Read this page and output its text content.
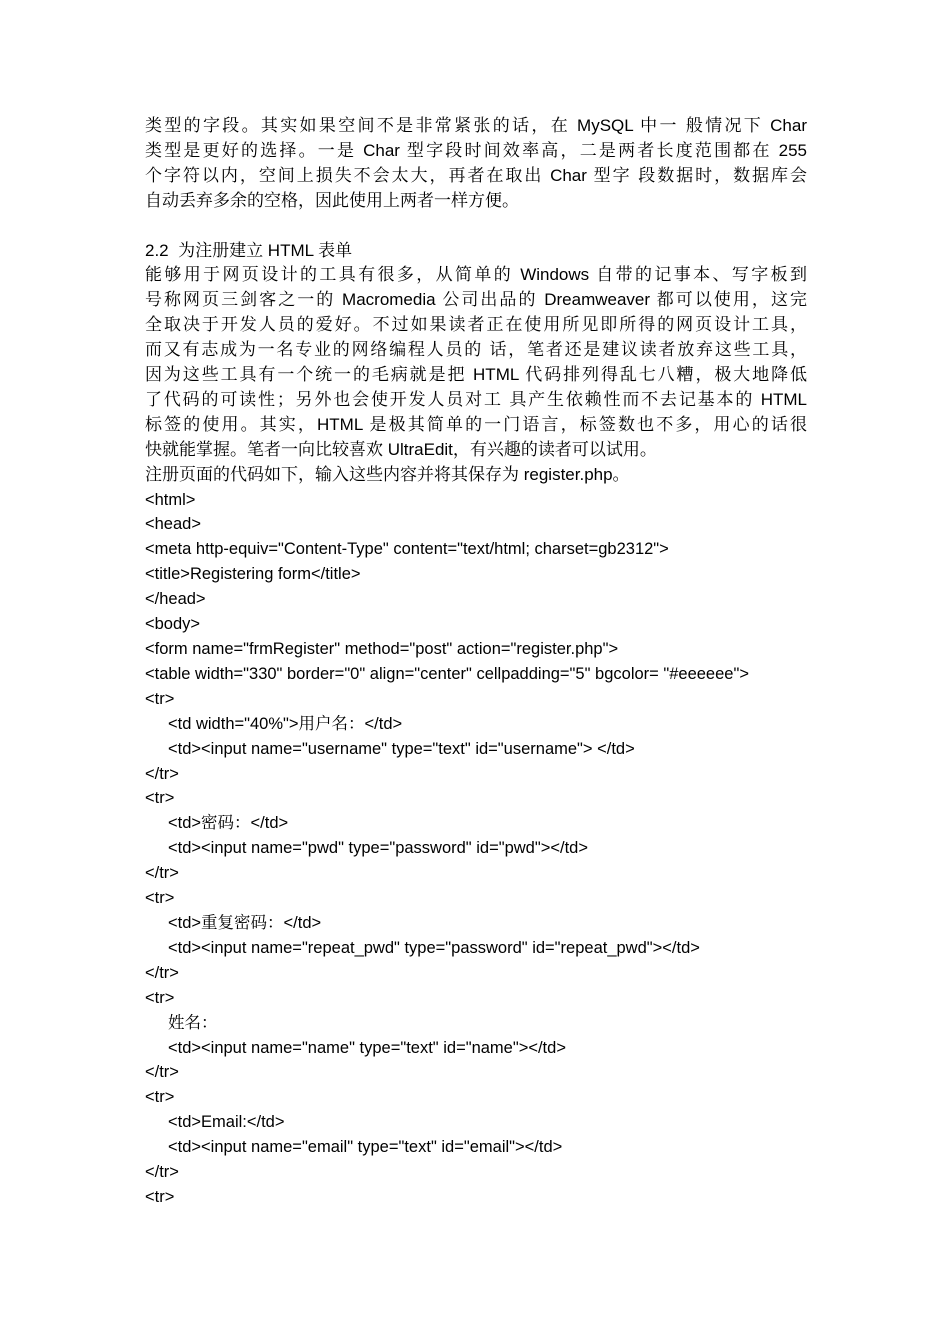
类型的字段。其实如果空间不是非常紧张的话，在 MySQL 中一 般情况下 Char
类型是更好的选择。一是 Char 型字段时间效率高，二是两者长度范围都在 255
个字符以内，空间上损失不会太大，再者在取出 Char 型字 段数据时，数据库会
自动丢弃多余的空格，因此使用上两者一样方便。

2.2  为注册建立 HTML 表单

能够用于网页设计的工具有很多，从简单的 Windows 自带的记事本、写字板到
号称网页三剑客之一的 Macromedia 公司出品的 Dreamweaver 都可以使用，这完
全取决于开发人员的爱好。不过如果读者正在使用所见即所得的网页设计工具，
而又有志成为一名专业的网络编程人员的 话，笔者还是建议读者放弃这些工具，
因为这些工具有一个统一的毛病就是把 HTML 代码排列得乱七八糟，极大地降低
了代码的可读性；另外也会使开发人员对工 具产生依赖性而不去记基本的 HTML
标签的使用。其实，HTML 是极其简单的一门语言，标签数也不多，用心的话很
快就能掌握。笔者一向比较喜欢 UltraEdit，有兴趣的读者可以试用。

注册页面的代码如下，输入这些内容并将其保存为 register.php。
<html>
<head>
<meta http-equiv="Content-Type" content="text/html; charset=gb2312">
<title>Registering form</title>
</head>
<body>
<form name="frmRegister" method="post" action="register.php">
<table width="330" border="0" align="center" cellpadding="5" bgcolor= "#eeeeee">
<tr>
<td width="40%">用户名：</td>
<td><input name="username" type="text" id="username"> </td>
</tr>
<tr>
<td>密码：</td>
<td><input name="pwd" type="password" id="pwd"></td>
</tr>
<tr>
<td>重复密码：</td>
<td><input name="repeat_pwd" type="password" id="repeat_pwd"></td>
</tr>
<tr>
姓名：
<td><input name="name" type="text" id="name"></td>
</tr>
<tr>
<td>Email:</td>
<td><input name="email" type="text" id="email"></td>
</tr>
<tr>
